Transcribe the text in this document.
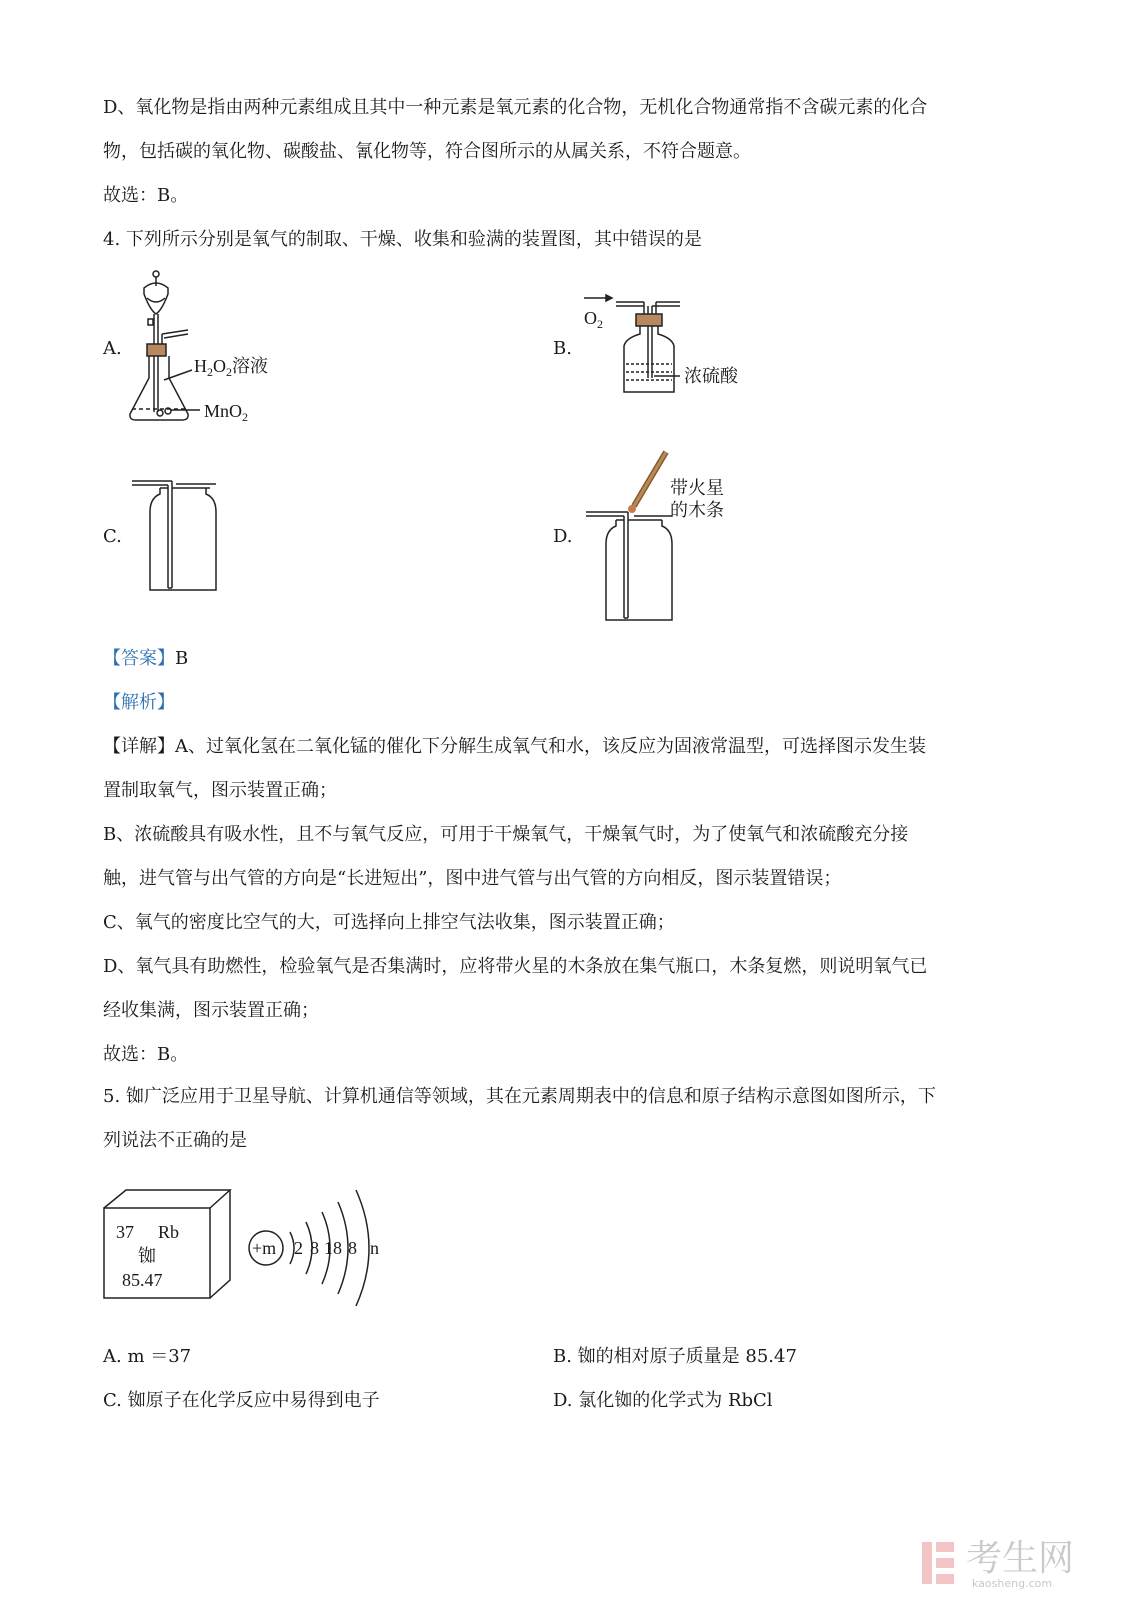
D、氧化物是指由两种元素组成且其中一种元素是氧元素的化合物，无机化合物通常指不含碳元素的化合
物，包括碳的氧化物、碳酸盐、氰化物等，符合图所示的从属关系，不符合题意。
故选：B。
4. 下列所示分别是氧气的制取、干燥、收集和验满的装置图，其中错误的是
A.	B.
C.	D.
$H_2O_2$溶液
MnO$_2$
$O_2$
浓硫酸
带火星
的木条
【答案】B
【解析】
【详解】A、过氧化氢在二氧化锰的催化下分解生成氧气和水，该反应为固液常温型，可选择图示发生装
置制取氧气，图示装置正确；
B、浓硫酸具有吸水性，且不与氧气反应，可用于干燥氧气，干燥氧气时，为了使氧气和浓硫酸充分接
触，进气管与出气管的方向是“长进短出”，图中进气管与出气管的方向相反，图示装置错误；
C、氧气的密度比空气的大，可选择向上排空气法收集，图示装置正确；
D、氧气具有助燃性，检验氧气是否集满时，应将带火星的木条放在集气瓶口，木条复燃，则说明氧气已
经收集满，图示装置正确；
故选：B。
5. 铷广泛应用于卫星导航、计算机通信等领域，其在元素周期表中的信息和原子结构示意图如图所示，下
列说法不正确的是
37 Rb
铷
85.47
+m 2 8 18 8 n
A. m ＝37	B. 铷的相对原子质量是 85.47
C. 铷原子在化学反应中易得到电子	D. 氯化铷的化学式为 RbCl
考生网
kaosheng.com
